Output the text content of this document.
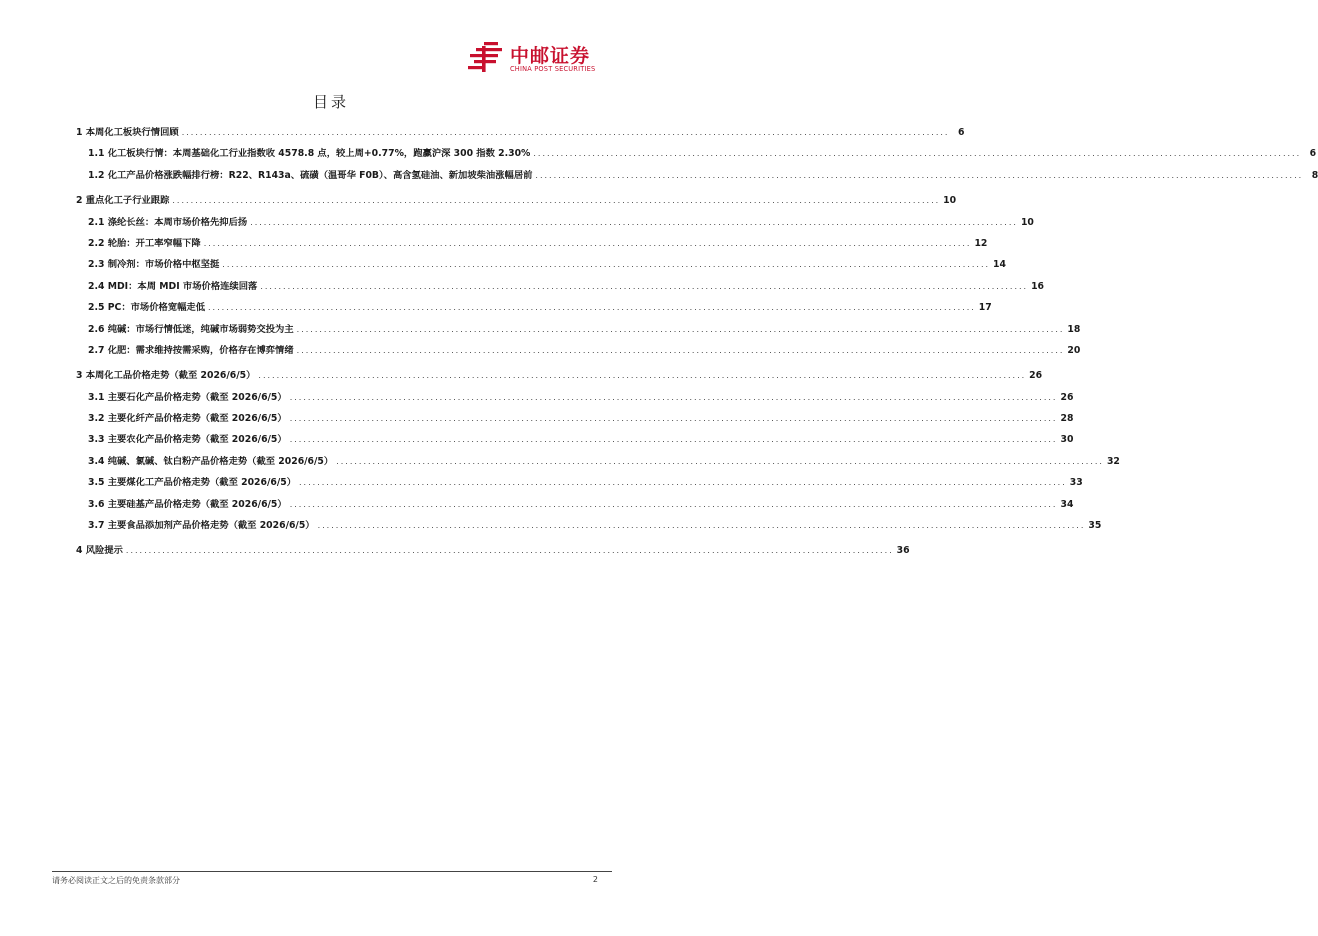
中邮证券
CHINA POST SECURITIES
目录
1 本周化工板块行情回顾 .....	6
1.1 化工板块行情：本周基础化工行业指数收 4578.8 点，较上周+0.77%，跑赢沪深 300 指数 2.30% .....	6
1.2 化工产品价格涨跌幅排行榜：R22、R143a、硫磺（温哥华 F0B）、高含氢硅油、新加坡柴油涨幅居前 .....	8
2 重点化工子行业跟踪 .....	10
2.1 涤纶长丝：本周市场价格先抑后扬 .....	10
2.2 轮胎：开工率窄幅下降 .....	12
2.3 制冷剂：市场价格中枢坚挺 .....	14
2.4 MDI：本周 MDI 市场价格连续回落 .....	16
2.5 PC：市场价格宽幅走低 .....	17
2.6 纯碱：市场行情低迷，纯碱市场弱势交投为主 .....	18
2.7 化肥：需求维持按需采购，价格存在博弈情绪 .....	20
3 本周化工品价格走势（截至 2026/6/5） .....	26
3.1 主要石化产品价格走势（截至 2026/6/5） .....	26
3.2 主要化纤产品价格走势（截至 2026/6/5） .....	28
3.3 主要农化产品价格走势（截至 2026/6/5） .....	30
3.4 纯碱、氯碱、钛白粉产品价格走势（截至 2026/6/5） .....	32
3.5 主要煤化工产品价格走势（截至 2026/6/5） .....	33
3.6 主要硅基产品价格走势（截至 2026/6/5） .....	34
3.7 主要食品添加剂产品价格走势（截至 2026/6/5） .....	35
4 风险提示 .....	36
请务必阅读正文之后的免责条款部分	2
